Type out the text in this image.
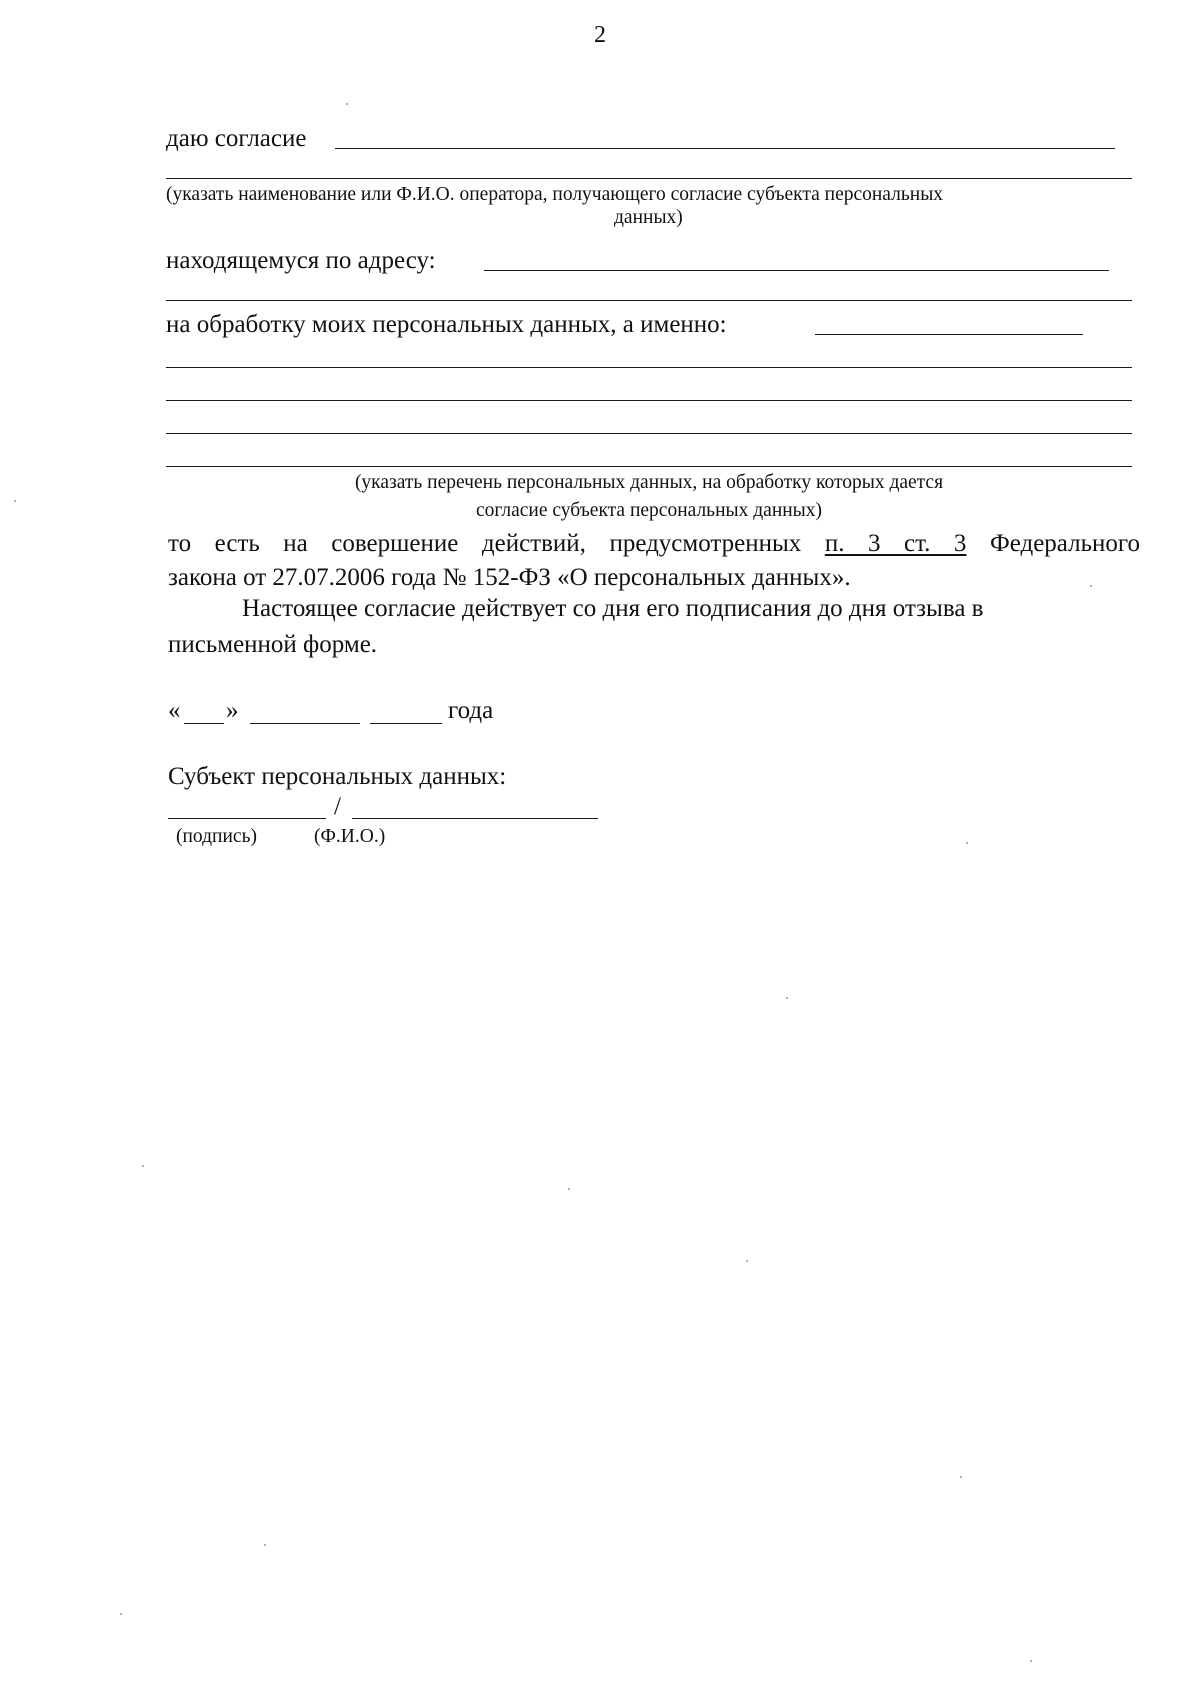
2
даю согласие
(указать наименование или Ф.И.О. оператора, получающего согласие субъекта персональных
данных)
находящемуся по адресу:
на обработку моих персональных данных, а именно:
(указать перечень персональных данных, на обработку которых дается
согласие субъекта персональных данных)
то есть на совершение действий, предусмотренных п. 3 ст. 3 Федерального
закона от 27.07.2006 года № 152-ФЗ «О персональных данных».
Настоящее согласие действует со дня его подписания до дня отзыва в
письменной форме.
« »	года
Субъект персональных данных:
/
(подпись)	(Ф.И.О.)
